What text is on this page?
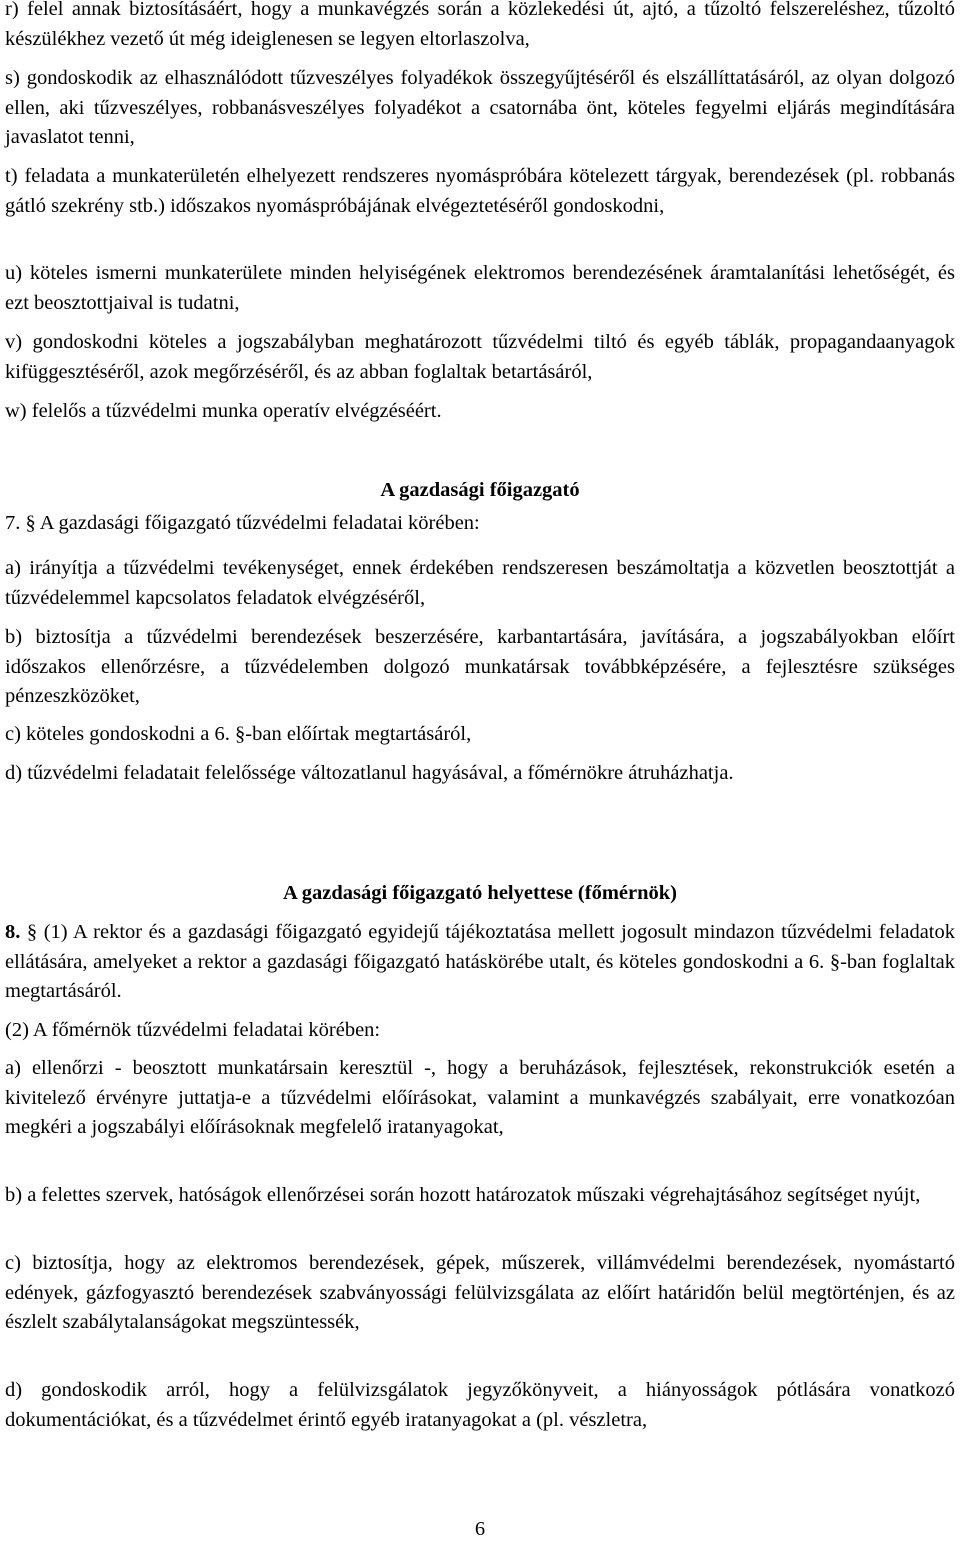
r) felel annak biztosításáért, hogy a munkavégzés során a közlekedési út, ajtó, a tűzoltó felszereléshez, tűzoltó készülékhez vezető út még ideiglenesen se legyen eltorlaszolva,

s) gondoskodik az elhasználódott tűzveszélyes folyadékok összegyűjtéséről és elszállíttatásáról, az olyan dolgozó ellen, aki tűzveszélyes, robbanásveszélyes folyadékot a csatornába önt, köteles fegyelmi eljárás megindítására javaslatot tenni,

t) feladata a munkaterületén elhelyezett rendszeres nyomáspróbára kötelezett tárgyak, berendezések (pl. robbanás gátló szekrény stb.) időszakos nyomáspróbájának elvégeztetéséről gondoskodni,

u) köteles ismerni munkaterülete minden helyiségének elektromos berendezésének áramtalanítási lehetőségét, és ezt beosztottjaival is tudatni,

v) gondoskodni köteles a jogszabályban meghatározott tűzvédelmi tiltó és egyéb táblák, propagandaanyagok kifüggesztéséről, azok megőrzéséről, és az abban foglaltak betartásáról,

w) felelős a tűzvédelmi munka operatív elvégzéséért.

A gazdasági főigazgató

7. § A gazdasági főigazgató tűzvédelmi feladatai körében:

a) irányítja a tűzvédelmi tevékenységet, ennek érdekében rendszeresen beszámoltatja a közvetlen beosztottját a tűzvédelemmel kapcsolatos feladatok elvégzéséről,

b) biztosítja a tűzvédelmi berendezések beszerzésére, karbantartására, javítására, a jogszabályokban előírt időszakos ellenőrzésre, a tűzvédelemben dolgozó munkatársak továbbképzésére, a fejlesztésre szükséges pénzeszközöket,

c) köteles gondoskodni a 6. §-ban előírtak megtartásáról,

d) tűzvédelmi feladatait felelőssége változatlanul hagyásával, a főmérnökre átruházhatja.

A gazdasági főigazgató helyettese (főmérnök)

8. § (1) A rektor és a gazdasági főigazgató egyidejű tájékoztatása mellett jogosult mindazon tűzvédelmi feladatok ellátására, amelyeket a rektor a gazdasági főigazgató hatáskörébe utalt, és köteles gondoskodni a 6. §-ban foglaltak megtartásáról.

(2) A főmérnök tűzvédelmi feladatai körében:

a) ellenőrzi - beosztott munkatársain keresztül -, hogy a beruházások, fejlesztések, rekonstrukciók esetén a kivitelező érvényre juttatja-e a tűzvédelmi előírásokat, valamint a munkavégzés szabályait, erre vonatkozóan megkéri a jogszabályi előírásoknak megfelelő iratanyagokat,

b) a felettes szervek, hatóságok ellenőrzései során hozott határozatok műszaki végrehajtásához segítséget nyújt,

c) biztosítja, hogy az elektromos berendezések, gépek, műszerek, villámvédelmi berendezések, nyomástartó edények, gázfogyasztó berendezések szabványossági felülvizsgálata az előírt határidőn belül megtörténjen, és az észlelt szabálytalanságokat megszüntessék,

d) gondoskodik arról, hogy a felülvizsgálatok jegyzőkönyveit, a hiányosságok pótlására vonatkozó dokumentációkat, és a tűzvédelmet érintő egyéb iratanyagokat a (pl. vészletra,

6
